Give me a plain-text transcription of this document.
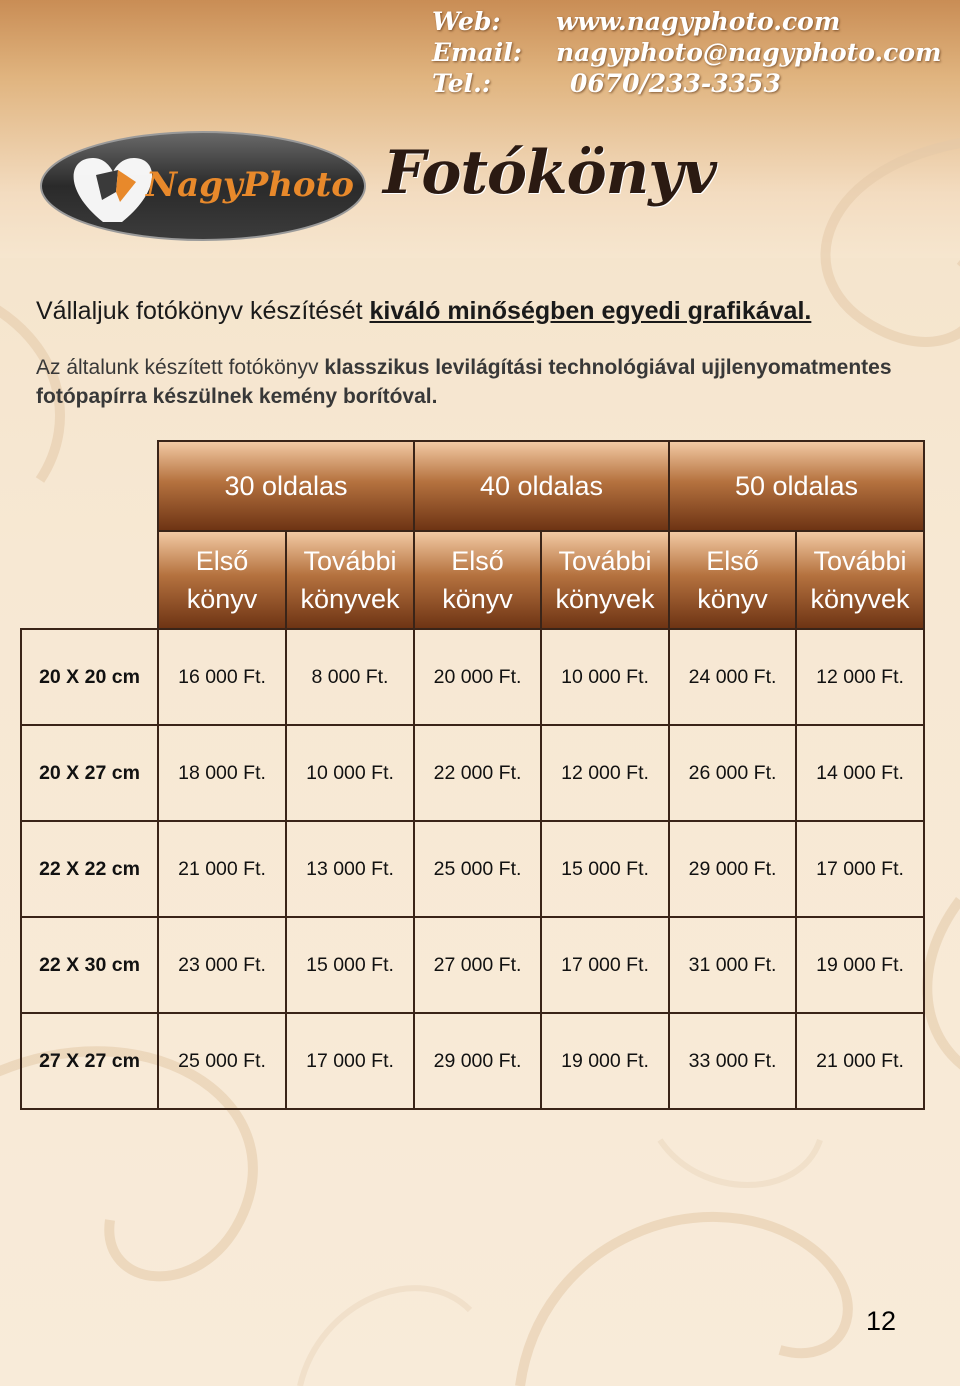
Web:	www.nagyphoto.com
Email:	nagyphoto@nagyphoto.com
Tel.:	0670/233-3353
NagyPhoto Fotókönyv
Vállaljuk fotókönyv készítését kiváló minőségben egyedi grafikával.
Az általunk készített fotókönyv klasszikus levilágítási technológiával ujjlenyomatmentes fotópapírra készülnek kemény borítóval.
	30 oldalas		40 oldalas		50 oldalas	
	Első könyv	További könyvek	Első könyv	További könyvek	Első könyv	További könyvek
20 X 20 cm	16 000 Ft.	8 000 Ft.	20 000 Ft.	10 000 Ft.	24 000 Ft.	12 000 Ft.
20 X 27 cm	18 000 Ft.	10 000 Ft.	22 000 Ft.	12 000 Ft.	26 000 Ft.	14 000 Ft.
22 X 22 cm	21 000 Ft.	13 000 Ft.	25 000 Ft.	15 000 Ft.	29 000 Ft.	17 000 Ft.
22 X 30 cm	23 000 Ft.	15 000 Ft.	27 000 Ft.	17 000 Ft.	31 000 Ft.	19 000 Ft.
27 X 27 cm	25 000 Ft.	17 000 Ft.	29 000 Ft.	19 000 Ft.	33 000 Ft.	21 000 Ft.
12
